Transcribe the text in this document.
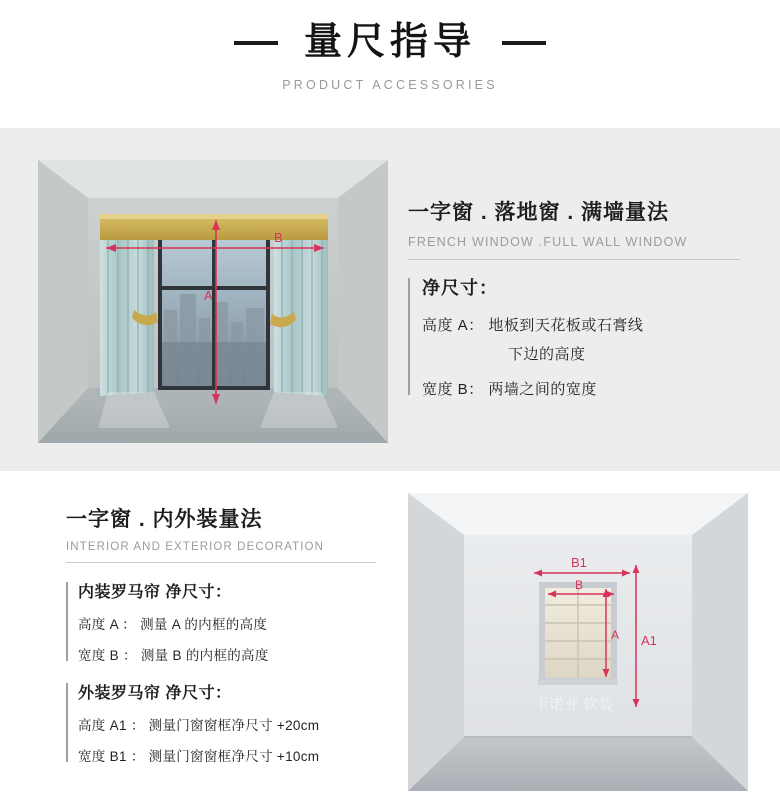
量尺指导
PRODUCT ACCESSORIES
A
B
一字窗 . 落地窗 . 满墙量法
FRENCH WINDOW .FULL WALL WINDOW
净尺寸：
高度 A： 地板到天花板或石膏线
下边的高度
宽度 B： 两墙之间的宽度
一字窗 . 内外装量法
INTERIOR AND EXTERIOR DECORATION
内装罗马帘 净尺寸：
高度 A ： 测量 A 的内框的高度
宽度 B ： 测量 B 的内框的高度
外装罗马帘 净尺寸：
高度 A1 ： 测量门窗窗框净尺寸 +20cm
宽度 B1 ： 测量门窗窗框净尺寸 +10cm
卡诺亚 软装
B1
B
A A1
